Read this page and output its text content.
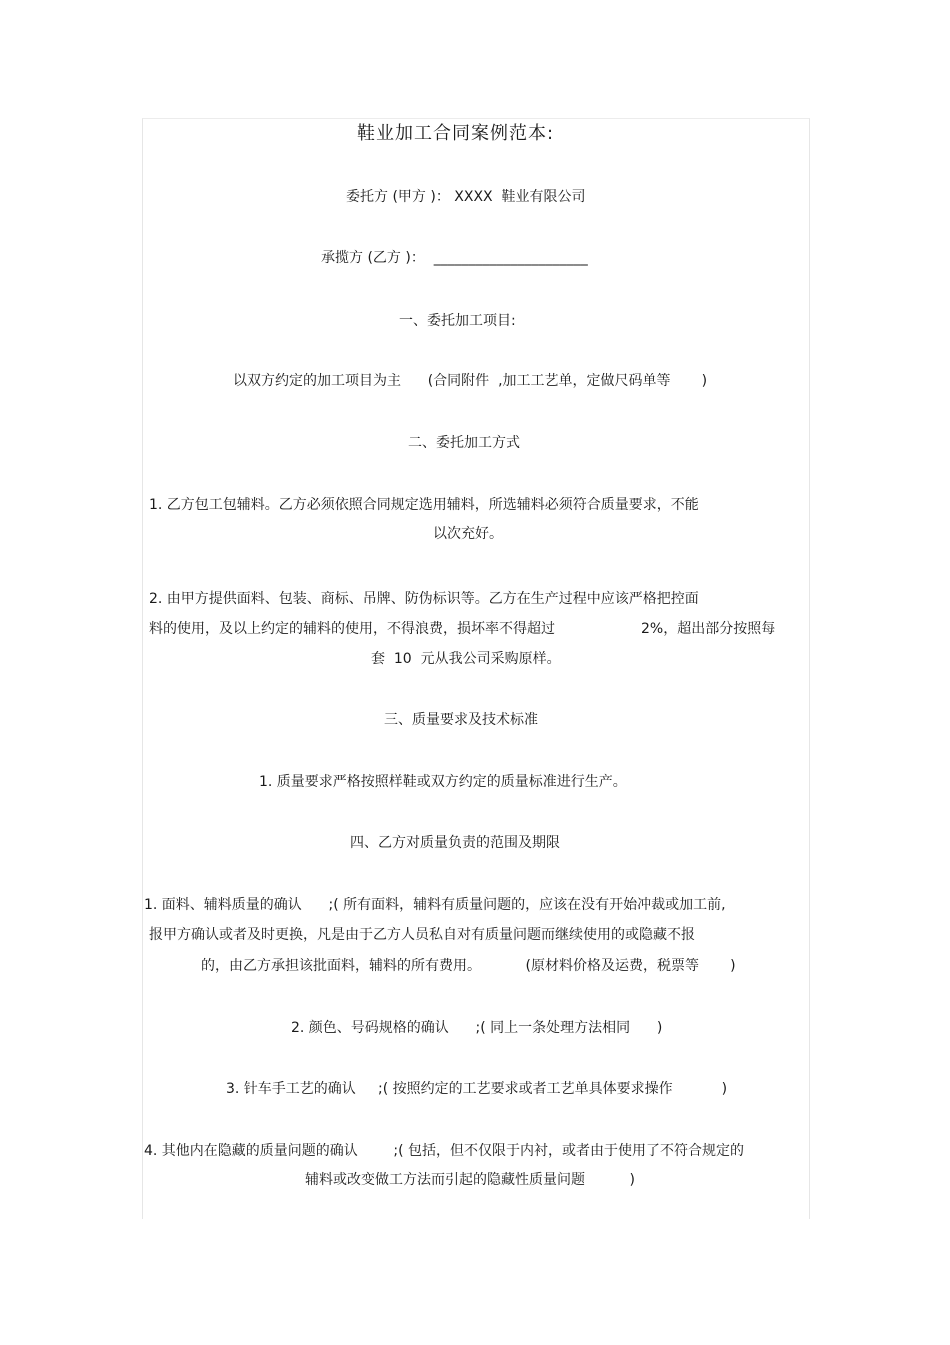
鞋业加工合同案例范本:
委托方 (甲方 )： XXXX  鞋业有限公司
承揽方 (乙方 )：  ______________________
一、委托加工项目:
以双方约定的加工项目为主      (合同附件  ,加工工艺单，定做尺码单等       )
二、委托加工方式
1. 乙方包工包辅料。乙方必须依照合同规定选用辅料，所选辅料必须符合质量要求，不能
以次充好。
2. 由甲方提供面料、包装、商标、吊牌、防伪标识等。乙方在生产过程中应该严格把控面
料的使用，及以上约定的辅料的使用，不得浪费，损坏率不得超过	2%，超出部分按照每
套  10  元从我公司采购原样。
三、质量要求及技术标准
1. 质量要求严格按照样鞋或双方约定的质量标准进行生产。
四、乙方对质量负责的范围及期限
1. 面料、辅料质量的确认      ;( 所有面料，辅料有质量问题的，应该在没有开始冲裁或加工前,
报甲方确认或者及时更换，凡是由于乙方人员私自对有质量问题而继续使用的或隐藏不报
的，由乙方承担该批面料，辅料的所有费用。          (原材料价格及运费，税票等       )
2. 颜色、号码规格的确认      ;( 同上一条处理方法相同      )
3. 针车手工艺的确认     ;( 按照约定的工艺要求或者工艺单具体要求操作           )
4. 其他内在隐藏的质量问题的确认        ;( 包括，但不仅限于内衬，或者由于使用了不符合规定的
辅料或改变做工方法而引起的隐藏性质量问题          )
